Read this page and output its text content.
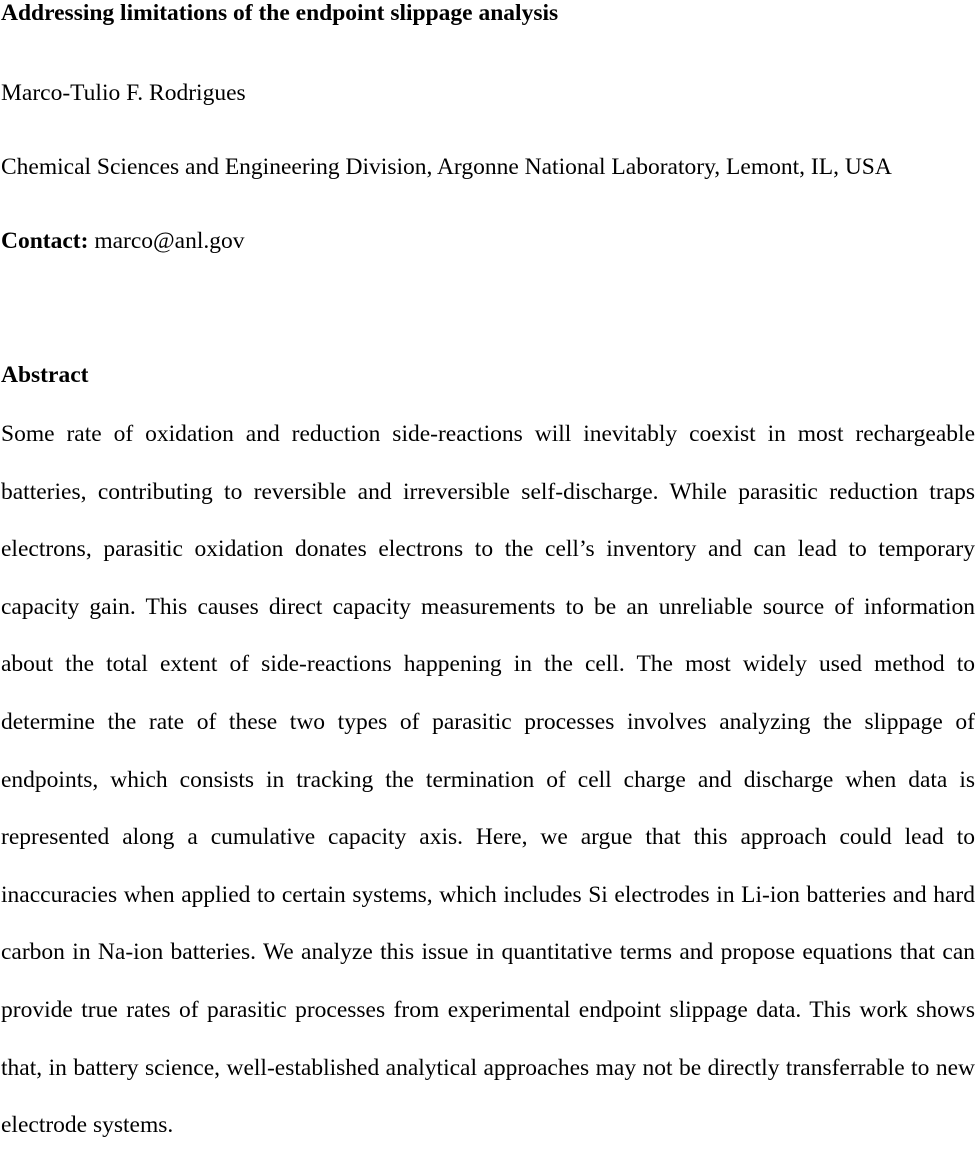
Addressing limitations of the endpoint slippage analysis

Marco-Tulio F. Rodrigues

Chemical Sciences and Engineering Division, Argonne National Laboratory, Lemont, IL, USA

Contact: marco@anl.gov

Abstract

Some rate of oxidation and reduction side-reactions will inevitably coexist in most rechargeable batteries, contributing to reversible and irreversible self-discharge. While parasitic reduction traps electrons, parasitic oxidation donates electrons to the cell’s inventory and can lead to temporary capacity gain. This causes direct capacity measurements to be an unreliable source of information about the total extent of side-reactions happening in the cell. The most widely used method to determine the rate of these two types of parasitic processes involves analyzing the slippage of endpoints, which consists in tracking the termination of cell charge and discharge when data is represented along a cumulative capacity axis. Here, we argue that this approach could lead to inaccuracies when applied to certain systems, which includes Si electrodes in Li-ion batteries and hard carbon in Na-ion batteries. We analyze this issue in quantitative terms and propose equations that can provide true rates of parasitic processes from experimental endpoint slippage data. This work shows that, in battery science, well-established analytical approaches may not be directly transferrable to new electrode systems.
